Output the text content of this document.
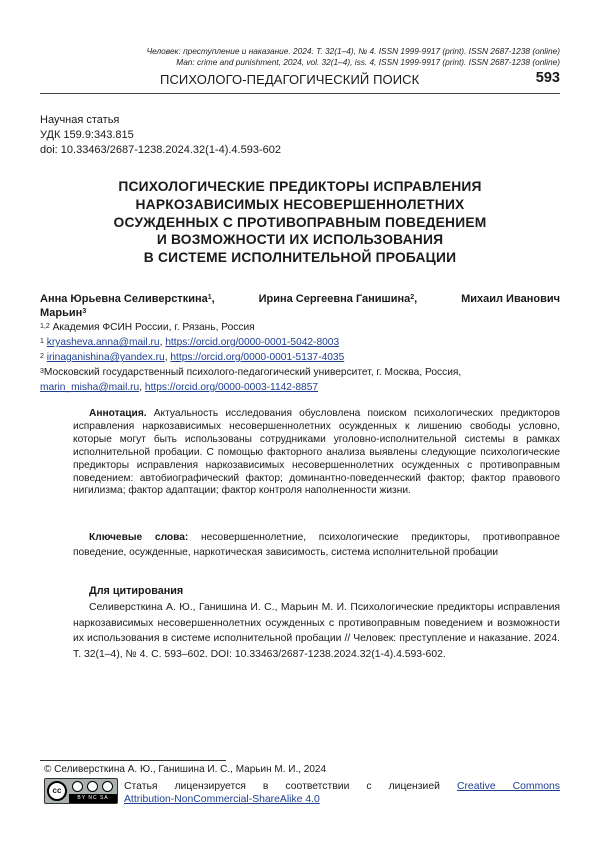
Человек: преступление и наказание. 2024. Т. 32(1–4), № 4. ISSN 1999-9917 (print). ISSN 2687-1238 (online)
Man: crime and punishment, 2024, vol. 32(1–4), iss. 4, ISSN 1999-9917 (print). ISSN 2687-1238 (online)
ПСИХОЛОГО-ПЕДАГОГИЧЕСКИЙ ПОИСК	593
Научная статья
УДК 159.9:343.815
doi: 10.33463/2687-1238.2024.32(1-4).4.593-602
ПСИХОЛОГИЧЕСКИЕ ПРЕДИКТОРЫ ИСПРАВЛЕНИЯ
НАРКОЗАВИСИМЫХ НЕСОВЕРШЕННОЛЕТНИХ
ОСУЖДЕННЫХ С ПРОТИВОПРАВНЫМ ПОВЕДЕНИЕМ
И ВОЗМОЖНОСТИ ИХ ИСПОЛЬЗОВАНИЯ
В СИСТЕМЕ ИСПОЛНИТЕЛЬНОЙ ПРОБАЦИИ
Анна Юрьевна Селиверсткина1,	Ирина Сергеевна Ганишина2,	Михаил Иванович
Марьин3
1,2 Академия ФСИН России, г. Рязань, Россия
1 kryasheva.anna@mail.ru, https://orcid.org/0000-0001-5042-8003
2 irinaganishina@yandex.ru, https://orcid.org/0000-0001-5137-4035
3Московский государственный психолого-педагогический университет, г. Москва, Россия,
marin_misha@mail.ru, https://orcid.org/0000-0003-1142-8857
Аннотация. Актуальность исследования обусловлена поиском психологических предикторов исправления наркозависимых несовершеннолетних осужденных к лишению свободы условно, которые могут быть использованы сотрудниками уголовно-исполнительной системы в рамках исполнительной пробации. С помощью факторного анализа выявлены следующие психологические предикторы исправления наркозависимых несовершеннолетних осужденных с противоправным поведением: автобиографический фактор; доминантно-поведенческий фактор; фактор правового нигилизма; фактор адаптации; фактор контроля наполненности жизни.
Ключевые слова: несовершеннолетние, психологические предикторы, противоправное поведение, осужденные, наркотическая зависимость, система исполнительной пробации
Для цитирования
Селиверсткина А. Ю., Ганишина И. С., Марьин М. И. Психологические предикторы исправления наркозависимых несовершеннолетних осужденных с противоправным поведением и возможности их использования в системе исполнительной пробации // Человек: преступление и наказание. 2024. Т. 32(1–4), № 4. С. 593–602. DOI: 10.33463/2687-1238.2024.32(1-4).4.593-602.
© Селиверсткина А. Ю., Ганишина И. С., Марьин М. И., 2024
cc
BY NC SA
Статья лицензируется в соответствии с лицензией Creative Commons
Attribution-NonCommercial-ShareAlike 4.0
